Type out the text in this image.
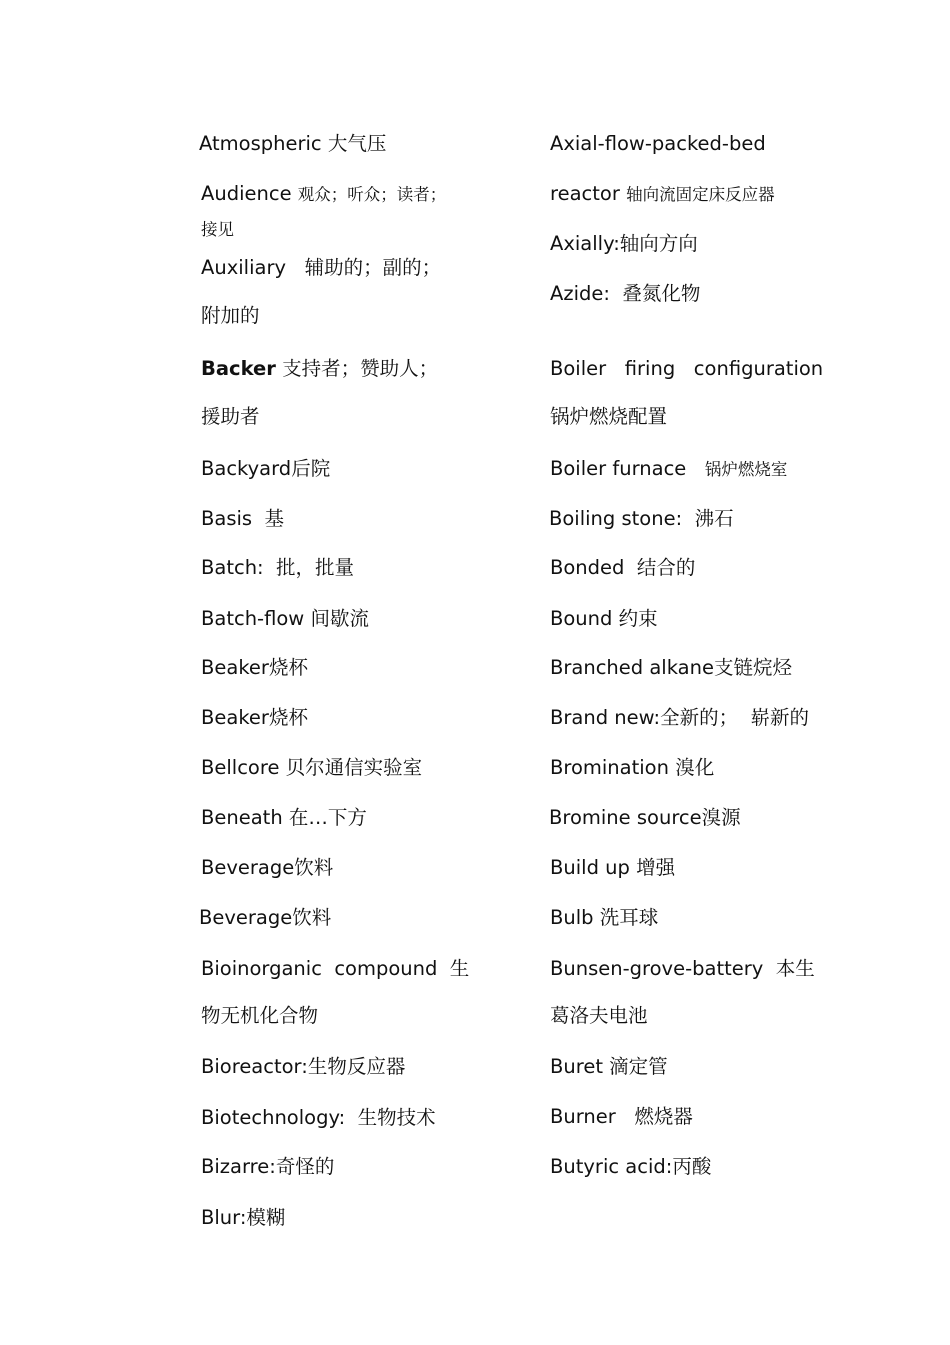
Atmospheric 大气压
Audience 观众；听众；读者；
接见
Auxiliary 辅助的；副的；
附加的
Backer 支持者；赞助人；
援助者
Backyard后院
Basis 基
Batch: 批，批量
Batch-flow 间歇流
Beaker烧杯
Beaker烧杯
Bellcore 贝尔通信实验室
Beneath 在…下方
Beverage饮料
Beverage饮料
Bioinorganic  compound 生
物无机化合物
Bioreactor:生物反应器
Biotechnology: 生物技术
Bizarre:奇怪的
Blur:模糊
Axial-flow-packed-bed
reactor 轴向流固定床反应器
Axially:轴向方向
Azide: 叠氮化物
Boiler   firing   configuration
锅炉燃烧配置
Boiler furnace 锅炉燃烧室
Boiling stone: 沸石
Bonded 结合的
Bound 约束
Branched alkane支链烷烃
Brand new:全新的；  崭新的
Bromination 溴化
Bromine source溴源
Build up 增强
Bulb 洗耳球
Bunsen-grove-battery 本生
葛洛夫电池
Buret 滴定管
Burner 燃烧器
Butyric acid:丙酸
